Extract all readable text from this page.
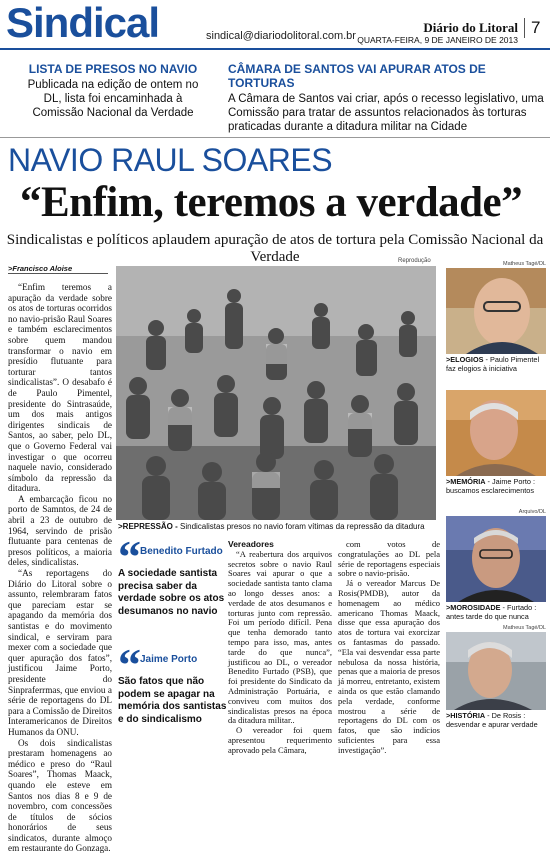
Sindical	sindical@diariodolitoral.com.br
Diário do Litoral
QUARTA-FEIRA, 9 DE JANEIRO DE 2013
7
LISTA DE PRESOS NO NAVIO
Publicada na edição de ontem no DL, lista foi encaminhada à Comissão Nacional da Verdade
CÂMARA DE SANTOS VAI APURAR ATOS DE TORTURAS
A Câmara de Santos vai criar, após o recesso legislativo, uma Comissão para tratar de assuntos relacionados às torturas praticadas durante a ditadura militar na Cidade
NAVIO RAUL SOARES
“Enfim, teremos a verdade”
Sindicalistas e políticos aplaudem apuração de atos de tortura pela Comissão Nacional da Verdade
>Francisco Aloise

“Enfim teremos a apuração da verdade sobre os atos de torturas ocorridos no navio-prisão Raul Soares e também esclarecimentos sobre quem mandou transformar o navio em presídio flutuante para torturar tantos sindicalistas”. O desabafo é de Paulo Pimentel, presidente do Sintrasaúde, um dos mais antigos dirigentes sindicais de Santos, ao saber, pelo DL, que o Governo Federal vai investigar o que ocorreu naquele navio, considerado símbolo da repressão da ditadura.

A embarcação ficou no porto de Samntos, de 24 de abril a 23 de outubro de 1964, servindo de prisão flutuante para centenas de presos políticos, a maioria deles, sindicalistas.

“As reportagens do Diário do Litoral sobre o assunto, relembraram fatos que pareciam estar se apagando da memória dos santistas e do movimento sindical, e serviram para mexer com a sociedade que quer apuração dos fatos”, justificou Jaime Porto, presidente do Sinpraferrmas, que enviou a série de reportagens do DL para a Comissão de Direitos Interamericanos de Direitos Humanos da ONU.

Os dois sindicalistas prestaram homenagens ao médico e preso do “Raul Soares”, Thomas Maack, quando ele esteve em Santos nos dias 8 e 9 de novembro, com concessões de títulos de sócios honorários de seus sindicatos, durante almoço em restaurante do Gonzaga.

Reprodução
>REPRESSÃO - Sindicalistas presos no navio foram vítimas da repressão da ditadura
“ Benedito Furtado
A sociedade santista precisa saber da verdade sobre os atos desumanos no navio
“ Jaime Porto
São fatos que não podem se apagar na memória dos santistas e do sindicalismo
Vereadores

“A reabertura dos arquivos secretos sobre o navio Raul Soares vai apurar o que a sociedade santista tanto clama ao longo desses anos: a verdade de atos desumanos e torturas junto com repressão. Foi um período difícil. Pena que tenha demorado tanto tempo para isso, mas, antes tarde do que nunca”, justificou ao DL, o vereador Benedito Furtado (PSB), que foi presidente do Sindicato da Administração Portuária, e conviveu com muitos dos sindicalistas presos na época da ditadura militar..

O vereador foi quem apresentou requerimento aprovado pela Câmara,

com votos de congratulações ao DL pela série de reportagens especiais sobre o navio-prisão.

Já o vereador Marcus De Rosis(PMDB), autor da homenagem ao médico americano Thomas Maack, disse que essa apuração dos atos de tortura vai exorcizar os fantasmas do passado. “Ela vai desvendar essa parte nebulosa da nossa história, penas que a maioria de presos já morreu, entretanto, existem ainda os que estão clamando pela verdade, conforme mostrou a série de reportagens do DL com os fatos, que são indícios suficientes para essa investigação”.

Matheus Tagé/DL
>ELOGIOS - Paulo Pimentel faz elogios à iniciativa
>MEMÓRIA - Jaime Porto : buscamos esclarecimentos
Arquivo/DL
>MOROSIDADE - Furtado : antes tarde do que nunca
Matheus Tagé/DL
>HISTÓRIA - De Rosis : desvendar e apurar verdade
